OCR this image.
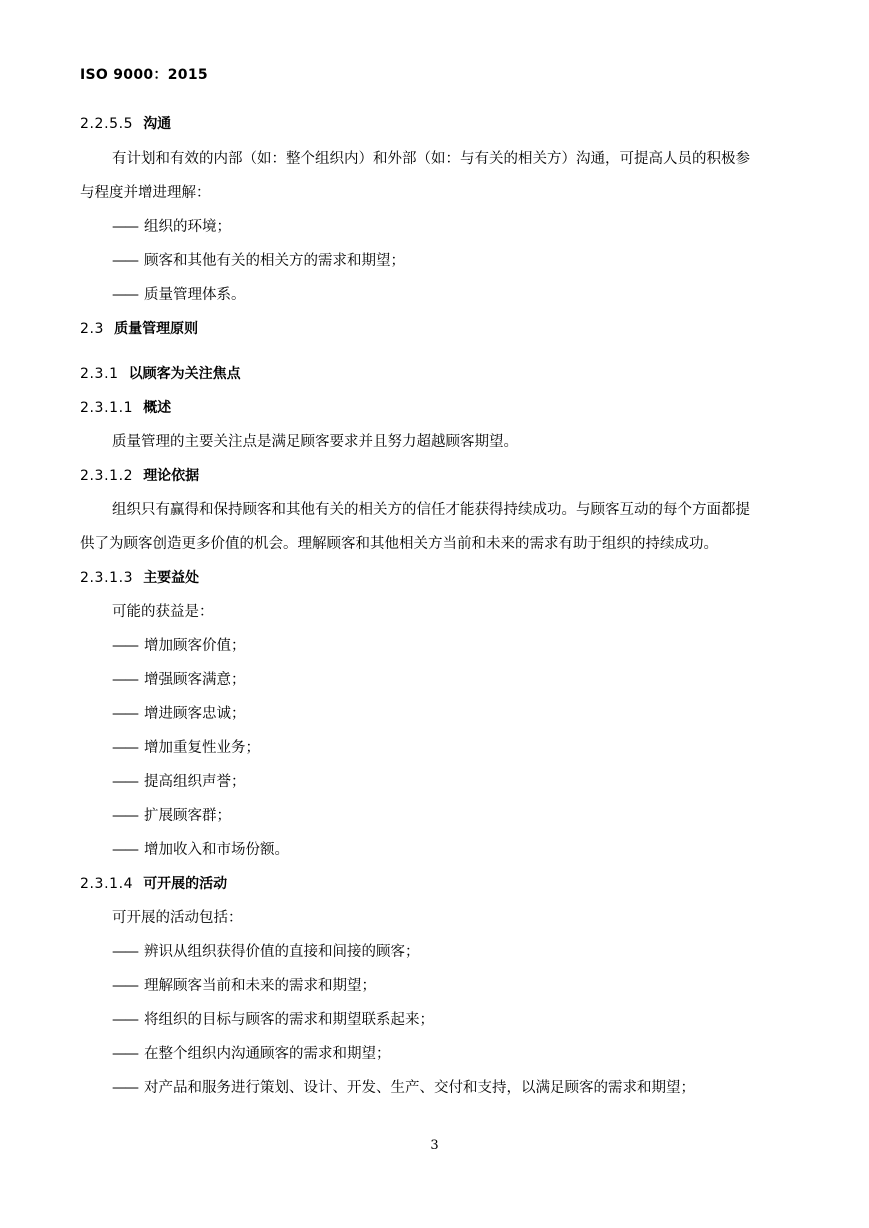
ISO 9000：2015
2.2.5.5 沟通
有计划和有效的内部（如：整个组织内）和外部（如：与有关的相关方）沟通，可提高人员的积极参
与程度并增进理解：
—— 组织的环境；
—— 顾客和其他有关的相关方的需求和期望；
—— 质量管理体系。
2.3 质量管理原则
2.3.1 以顾客为关注焦点
2.3.1.1 概述
质量管理的主要关注点是满足顾客要求并且努力超越顾客期望。
2.3.1.2 理论依据
组织只有赢得和保持顾客和其他有关的相关方的信任才能获得持续成功。与顾客互动的每个方面都提
供了为顾客创造更多价值的机会。理解顾客和其他相关方当前和未来的需求有助于组织的持续成功。
2.3.1.3 主要益处
可能的获益是：
—— 增加顾客价值；
—— 增强顾客满意；
—— 增进顾客忠诚；
—— 增加重复性业务；
—— 提高组织声誉；
—— 扩展顾客群；
—— 增加收入和市场份额。
2.3.1.4 可开展的活动
可开展的活动包括：
—— 辨识从组织获得价值的直接和间接的顾客；
—— 理解顾客当前和未来的需求和期望；
—— 将组织的目标与顾客的需求和期望联系起来；
—— 在整个组织内沟通顾客的需求和期望；
—— 对产品和服务进行策划、设计、开发、生产、交付和支持，以满足顾客的需求和期望；
3
